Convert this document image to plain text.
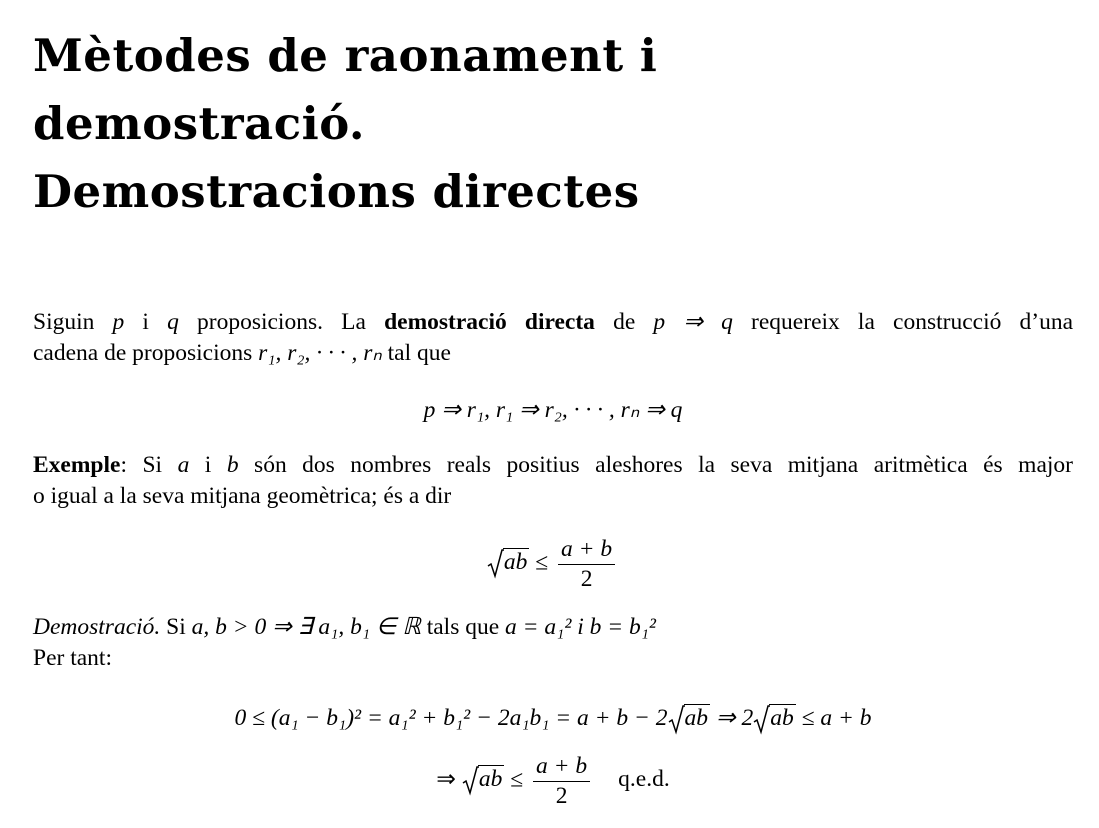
Mètodes de raonament i
demostració.
Demostracions directes
Siguin p i q proposicions. La demostració directa de p ⇒ q requereix la construcció d’una
cadena de proposicions r₁, r₂, · · · , rₙ tal que
p ⇒ r₁, r₁ ⇒ r₂, · · · , rₙ ⇒ q
Exemple: Si a i b són dos nombres reals positius aleshores la seva mitjana aritmètica és major
o igual a la seva mitjana geomètrica; és a dir
ab ≤ $\frac{a + b}{2}$
Demostració. Si a, b > 0 ⇒ ∃ a₁, b₁ ∈ ℝ tals que a = a₁² i b = b₁²
Per tant:
0 ≤ (a₁ − b₁)² = a₁² + b₁² − 2a₁b₁ = a + b − 2 ab ⇒ 2 ab ≤ a + b
⇒
ab ≤ $\frac{a + b}{2} q.e.d$.
